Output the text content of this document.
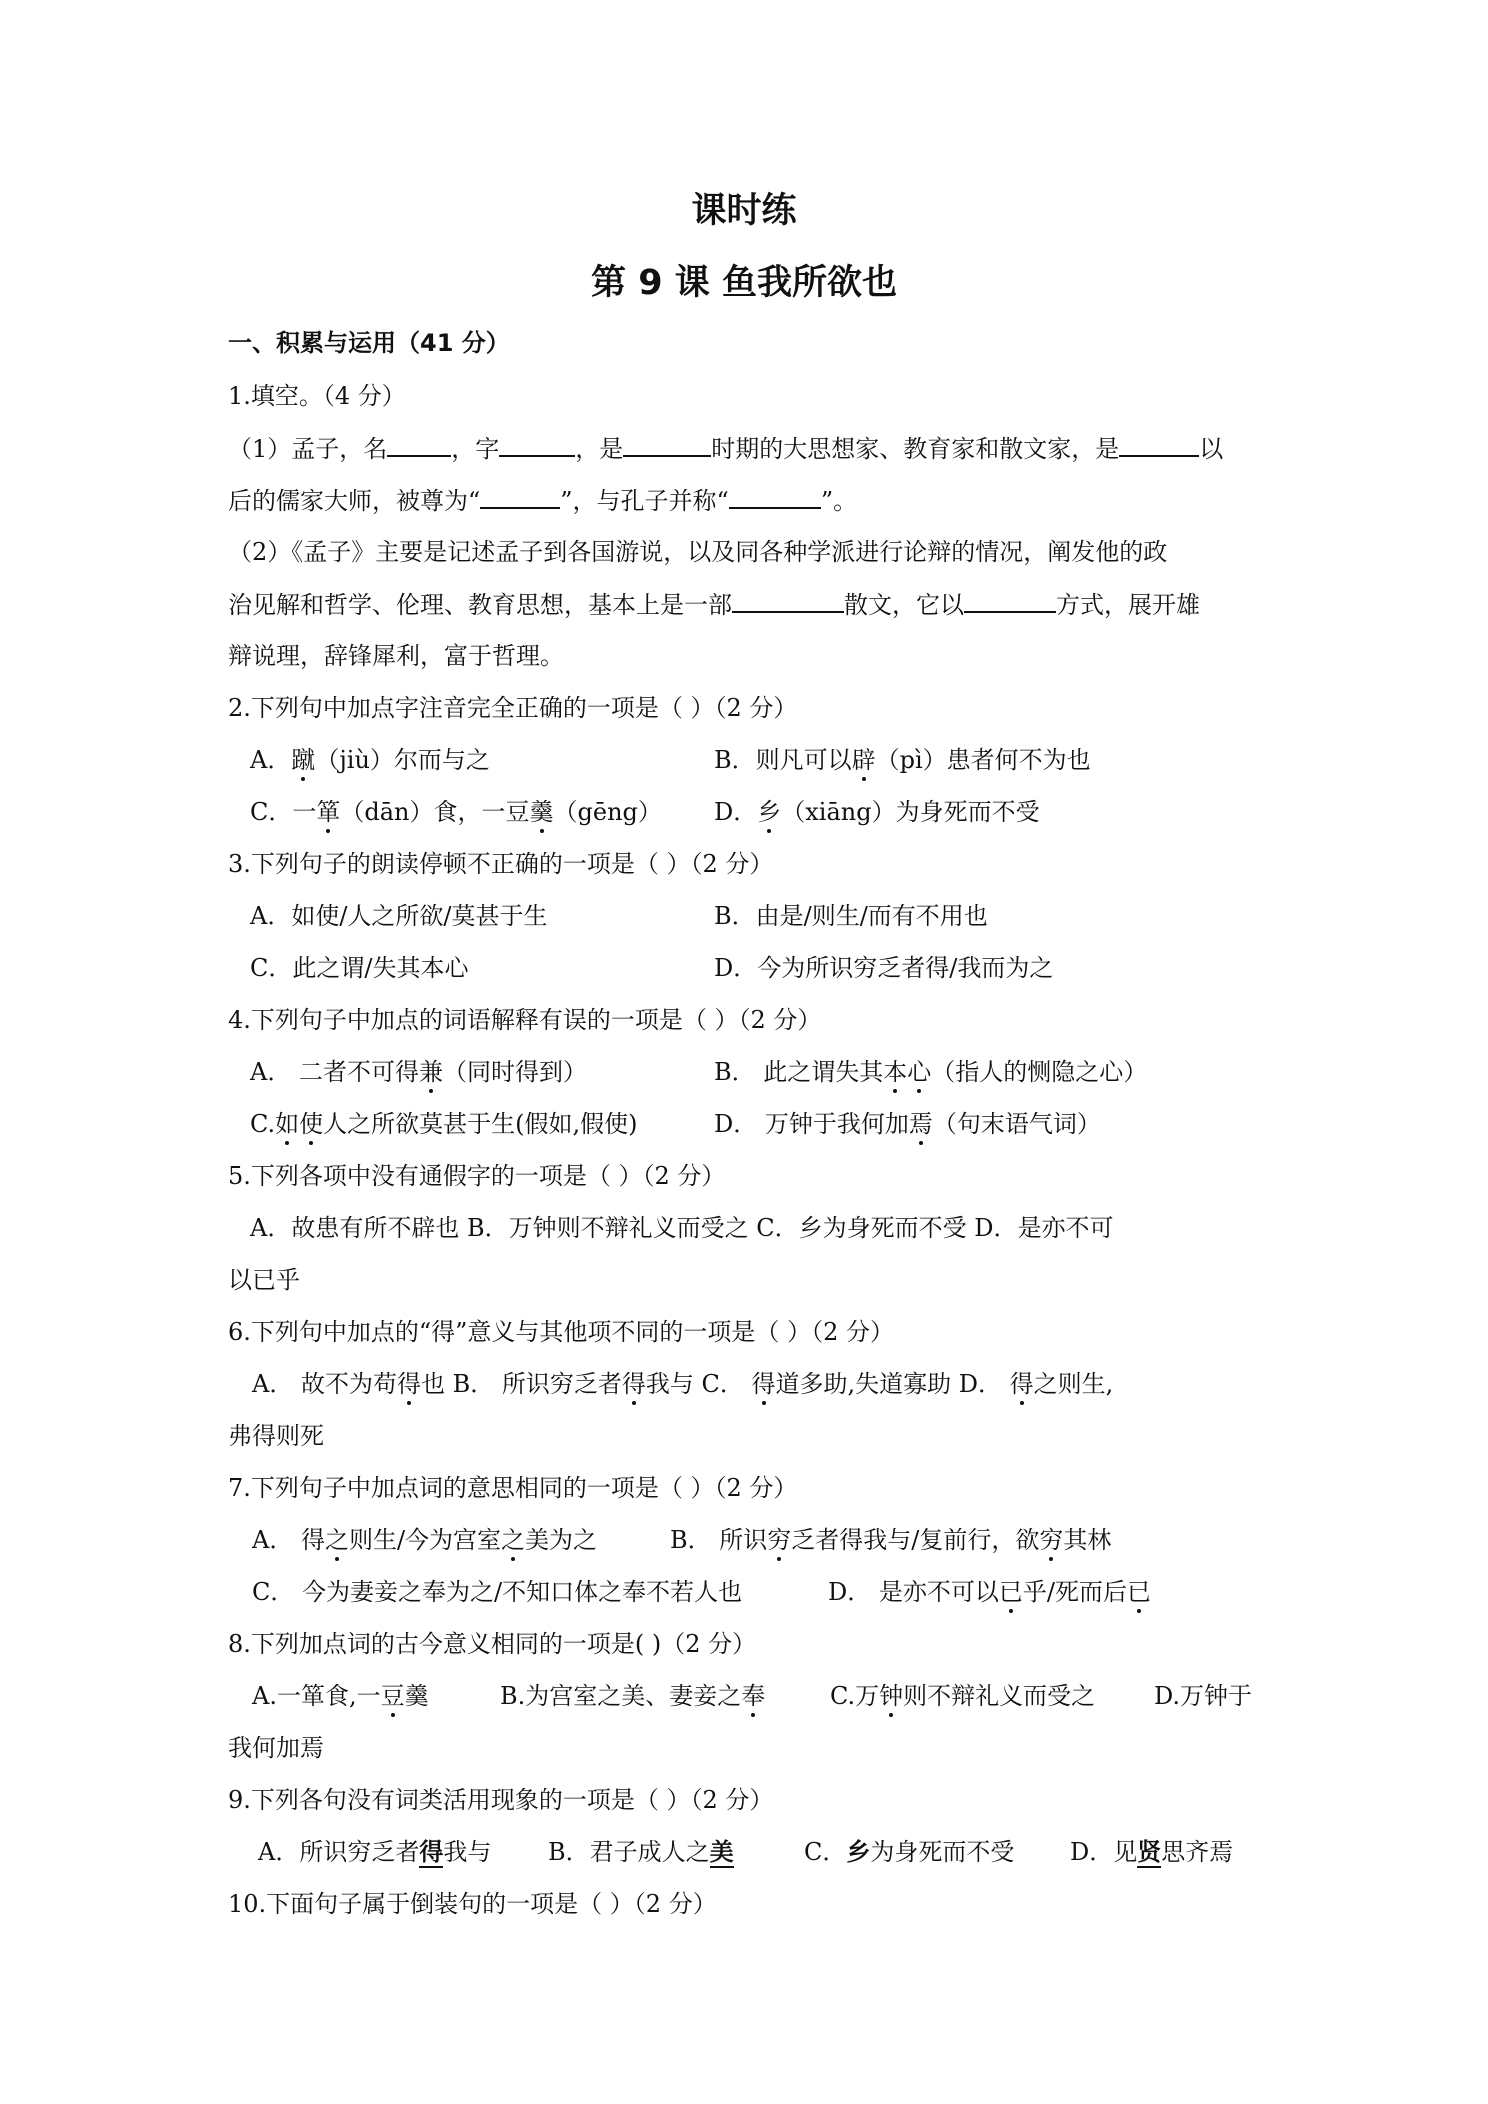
课时练
第 9 课 鱼我所欲也
一、积累与运用（41 分）
1.填空。（4 分）
（1）孟子，名	，字	，是	时期的大思想家、教育家和散文家，是	以
后的儒家大师，被尊为“	”，与孔子并称“	”。
（2）《孟子》主要是记述孟子到各国游说，以及同各种学派进行论辩的情况，阐发他的政
治见解和哲学、伦理、教育思想，基本上是一部	散文，它以	方式，展开雄
辩说理，辞锋犀利，富于哲理。
2.下列句中加点字注音完全正确的一项是（ ）（2 分）
A．蹴（jiù）尔而与之	B．则凡可以辟（pì）患者何不为也
C．一箪（dān）食，一豆羹（gēng） D．乡（xiāng）为身死而不受
3.下列句子的朗读停顿不正确的一项是（ ）（2 分）
A．如使/人之所欲/莫甚于生	B．由是/则生/而有不用也
C．此之谓/失其本心	D．今为所识穷乏者得/我而为之
4.下列句子中加点的词语解释有误的一项是（ ）（2 分）
A． 二者不可得兼（同时得到）	B． 此之谓失其本心（指人的恻隐之心）
C.如使人之所欲莫甚于生(假如,假使)	D． 万钟于我何加焉（句末语气词）
5.下列各项中没有通假字的一项是（ ）（2 分）
A．故患有所不辟也 B．万钟则不辩礼义而受之 C．乡为身死而不受 D．是亦不可
以已乎
6.下列句中加点的“得”意义与其他项不同的一项是（ ）（2 分）
A． 故不为苟得也 B． 所识穷乏者得我与 C． 得道多助,失道寡助 D． 得之则生,
弗得则死
7.下列句子中加点词的意思相同的一项是（ ）（2 分）
A． 得之则生/今为宫室之美为之	B． 所识穷乏者得我与/复前行，欲穷其林
C． 今为妻妾之奉为之/不知口体之奉不若人也	D． 是亦不可以已乎/死而后已
8.下列加点词的古今意义相同的一项是( )（2 分）
A.一箪食,一豆羹	B.为宫室之美、妻妾之奉	C.万钟则不辩礼义而受之 D.万钟于
我何加焉
9.下列各句没有词类活用现象的一项是（ ）（2 分）
A．所识穷乏者得我与 B．君子成人之美	C．乡为身死而不受 D．见贤思齐焉
10.下面句子属于倒装句的一项是（ ）（2 分）
